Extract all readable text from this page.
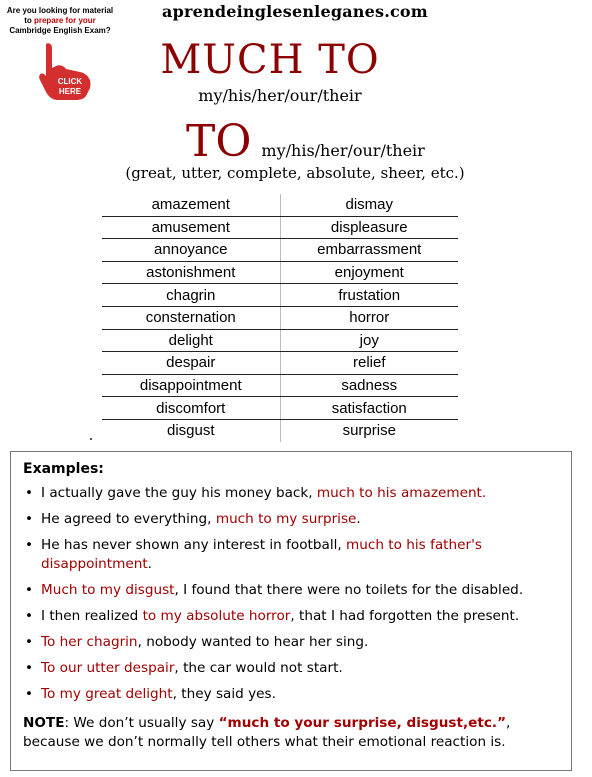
Are you looking for material
to prepare for your
Cambridge English Exam?
CLICK
HERE
aprendeinglesenleganes.com
MUCH TO
my/his/her/our/their
TO my/his/her/our/their
(great, utter, complete, absolute, sheer, etc.)
amazement	dismay
amusement	displeasure
annoyance	embarrassment
astonishment	enjoyment
chagrin	frustation
consternation	horror
delight	joy
despair	relief
disappointment	sadness
discomfort	satisfaction
disgust	surprise
Examples:
• I actually gave the guy his money back, much to his amazement.
• He agreed to everything, much to my surprise.
• He has never shown any interest in football, much to his father's disappointment.
• Much to my disgust, I found that there were no toilets for the disabled.
• I then realized to my absolute horror, that I had forgotten the present.
• To her chagrin, nobody wanted to hear her sing.
• To our utter despair, the car would not start.
• To my great delight, they said yes.
NOTE: We don’t usually say “much to your surprise, disgust,etc.”, because we don’t normally tell others what their emotional reaction is.
